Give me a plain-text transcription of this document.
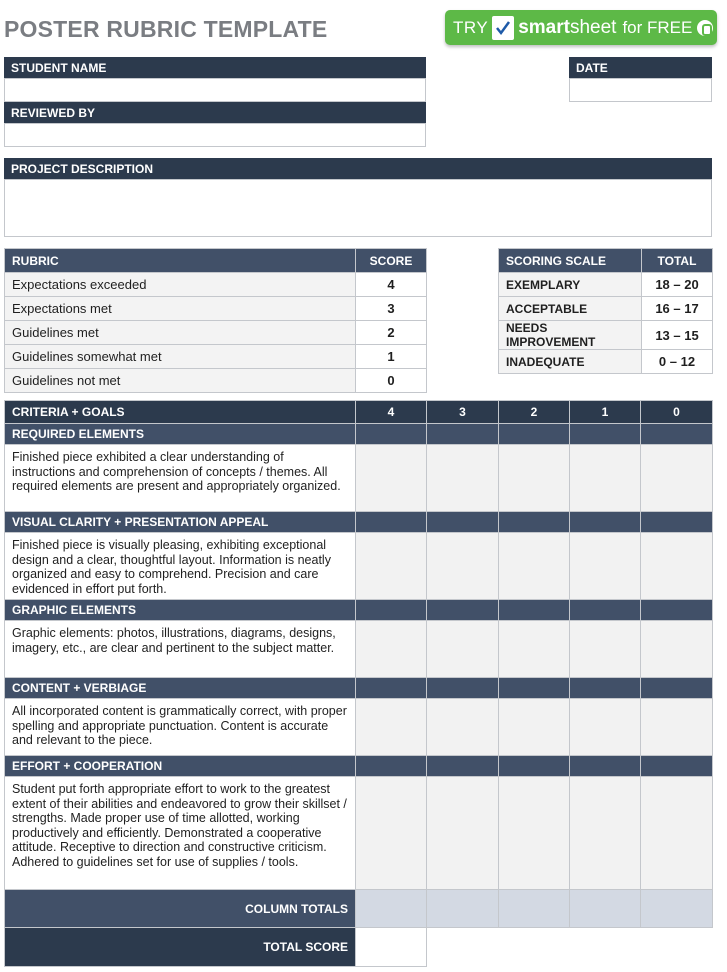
POSTER RUBRIC TEMPLATE	TRY smartsheet for FREE
STUDENT NAME	DATE
REVIEWED BY
PROJECT DESCRIPTION
RUBRIC	SCORE
Expectations exceeded	4
Expectations met	3
Guidelines met	2
Guidelines somewhat met	1
Guidelines not met	0
SCORING SCALE	TOTAL
EXEMPLARY	18 – 20
ACCEPTABLE	16 – 17
NEEDS IMPROVEMENT	13 – 15
INADEQUATE	0 – 12
CRITERIA + GOALS	4	3	2	1	0
REQUIRED ELEMENTS					
Finished piece exhibited a clear understanding of instructions and comprehension of concepts / themes. All required elements are present and appropriately organized.					
VISUAL CLARITY + PRESENTATION APPEAL					
Finished piece is visually pleasing, exhibiting exceptional design and a clear, thoughtful layout. Information is neatly organized and easy to comprehend. Precision and care evidenced in effort put forth.					
GRAPHIC ELEMENTS					
Graphic elements: photos, illustrations, diagrams, designs, imagery, etc., are clear and pertinent to the subject matter.					
CONTENT + VERBIAGE					
All incorporated content is grammatically correct, with proper spelling and appropriate punctuation. Content is accurate and relevant to the piece.					
EFFORT + COOPERATION					
Student put forth appropriate effort to work to the greatest extent of their abilities and endeavored to grow their skillset / strengths. Made proper use of time allotted, working productively and efficiently. Demonstrated a cooperative attitude. Receptive to direction and constructive criticism. Adhered to guidelines set for use of supplies / tools.					
COLUMN TOTALS					
TOTAL SCORE					
